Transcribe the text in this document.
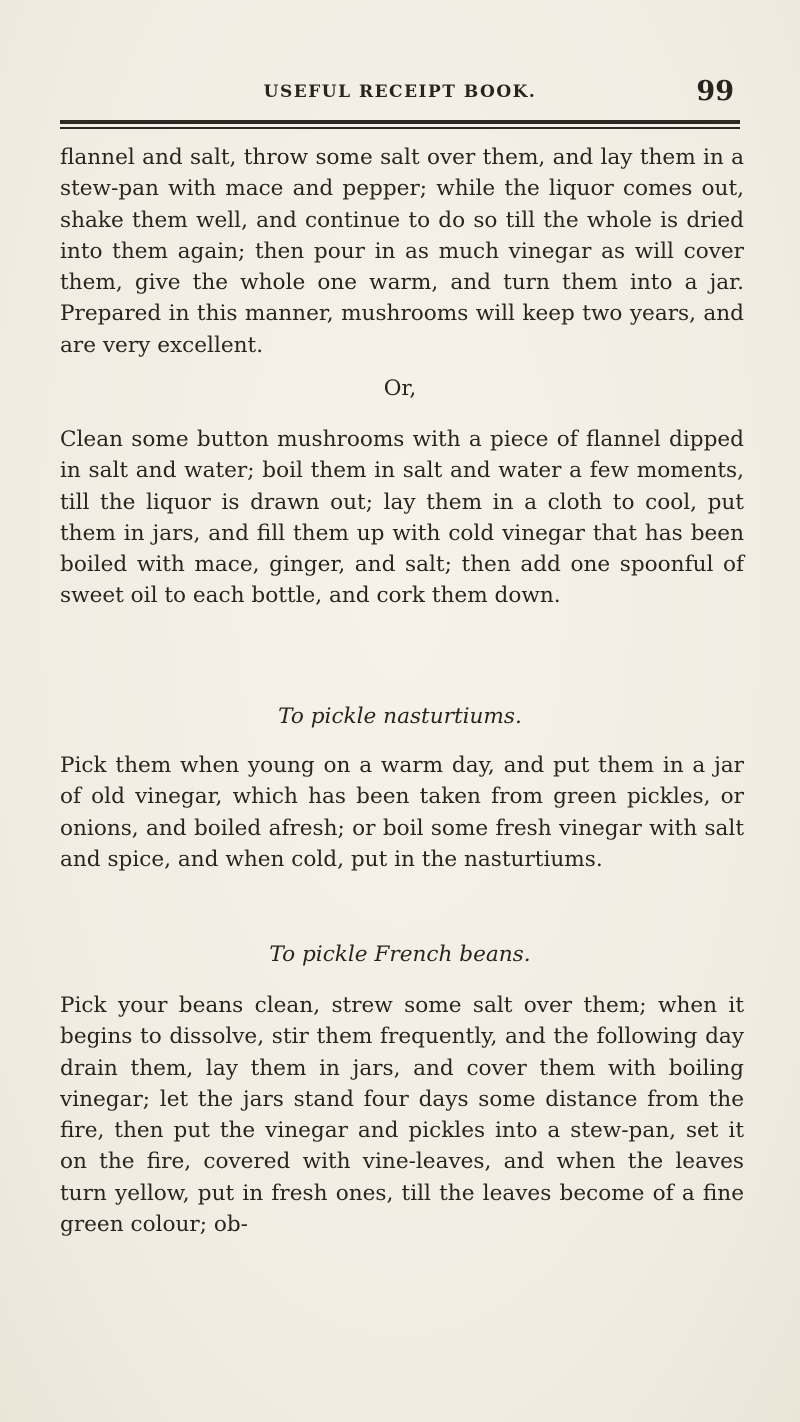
USEFUL RECEIPT BOOK.	99

flannel and salt, throw some salt over them, and lay them in a stew-pan with mace and pepper; while the liquor comes out, shake them well, and continue to do so till the whole is dried into them again; then pour in as much vinegar as will cover them, give the whole one warm, and turn them into a jar. Prepared in this manner, mushrooms will keep two years, and are very excellent.

Or,

Clean some button mushrooms with a piece of flannel dipped in salt and water; boil them in salt and water a few moments, till the liquor is drawn out; lay them in a cloth to cool, put them in jars, and fill them up with cold vinegar that has been boiled with mace, ginger, and salt; then add one spoonful of sweet oil to each bottle, and cork them down.

To pickle nasturtiums.

Pick them when young on a warm day, and put them in a jar of old vinegar, which has been taken from green pickles, or onions, and boiled afresh; or boil some fresh vinegar with salt and spice, and when cold, put in the nasturtiums.

To pickle French beans.

Pick your beans clean, strew some salt over them; when it begins to dissolve, stir them frequently, and the following day drain them, lay them in jars, and cover them with boiling vinegar; let the jars stand four days some distance from the fire, then put the vinegar and pickles into a stew-pan, set it on the fire, covered with vine-leaves, and when the leaves turn yellow, put in fresh ones, till the leaves become of a fine green colour; ob-
